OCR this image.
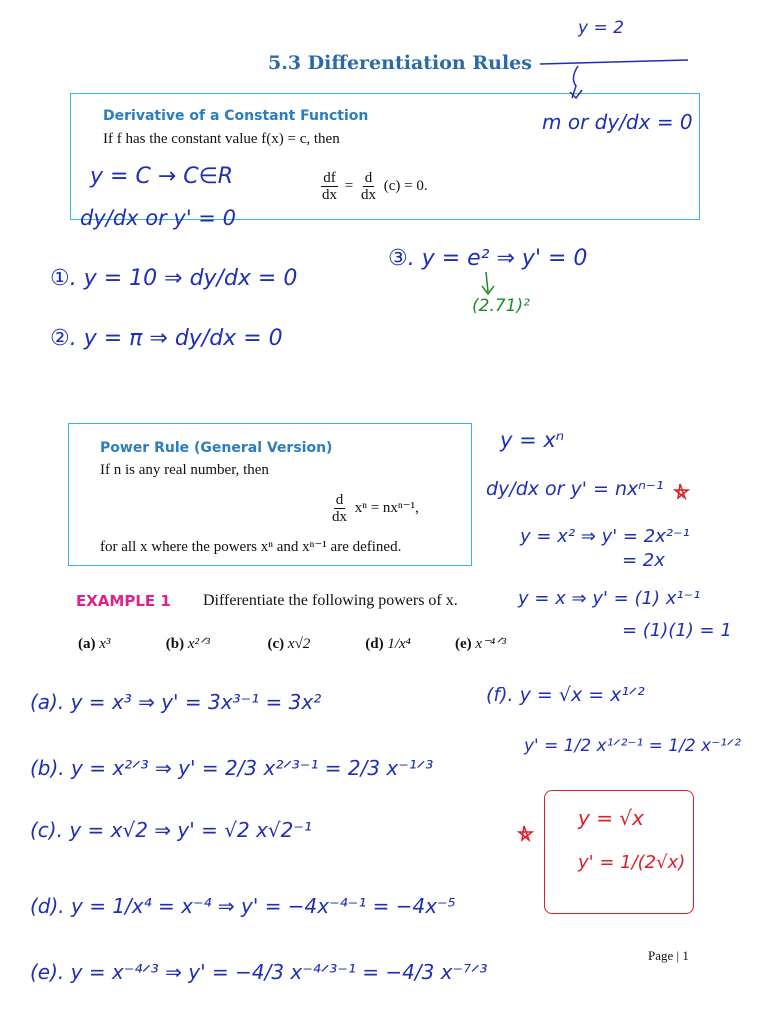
5.3 Differentiation Rules
Derivative of a Constant Function
If f has the constant value f(x) = c, then
$\frac{df}{dx} = \frac{d}{dx} (c) = 0$.
Power Rule (General Version)
If n is any real number, then
$\frac{d}{dx}$ xⁿ = nxⁿ⁻¹,
for all x where the powers xⁿ and xⁿ⁻¹ are defined.
EXAMPLE 1 Differentiate the following powers of x.
(a) x³	(b) x²ᐟ³	(c) x√2	(d) 1/x⁴	(e) x⁻⁴ᐟ³
y = 2
m or dy/dx = 0
y = C → C∈R
dy/dx or y' = 0
①. y = 10 ⇒ dy/dx = 0
②. y = π ⇒ dy/dx = 0
③. y = e² ⇒ y' = 0
(2.71)²
y = xⁿ
dy/dx or y' = nxⁿ⁻¹
y = x² ⇒ y' = 2x²⁻¹
= 2x
y = x ⇒ y' = (1) x¹⁻¹
= (1)(1) = 1
(a). y = x³ ⇒ y' = 3x³⁻¹ = 3x²
(b). y = x²ᐟ³ ⇒ y' = 2/3 x²ᐟ³⁻¹ = 2/3 x⁻¹ᐟ³
(c). y = x√2 ⇒ y' = √2 x√2⁻¹
(d). y = 1/x⁴ = x⁻⁴ ⇒ y' = −4x⁻⁴⁻¹ = −4x⁻⁵
(e). y = x⁻⁴ᐟ³ ⇒ y' = −4/3 x⁻⁴ᐟ³⁻¹ = −4/3 x⁻⁷ᐟ³
(f). y = √x = x¹ᐟ²
y' = 1/2 x¹ᐟ²⁻¹ = 1/2 x⁻¹ᐟ²
y = √x
y' = 1/(2√x)
Page | 1
